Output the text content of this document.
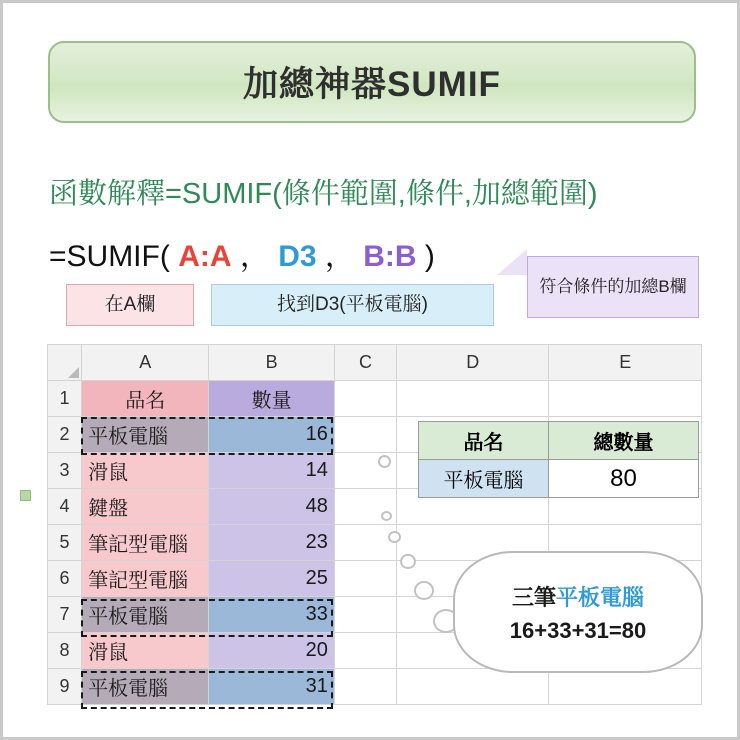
加總神器SUMIF
函數解釋=SUMIF(條件範圍,條件,加總範圍)
=SUMIF( A:A ， D3 ， B:B )
在A欄	找到D3(平板電腦)
符合條件的加總B欄
	A	B	C	D	E
1	品名	數量			
2	平板電腦	16			
3	滑鼠	14			
4	鍵盤	48			
5	筆記型電腦	23			
6	筆記型電腦	25			
7	平板電腦	33			
8	滑鼠	20			
9	平板電腦	31			
品名	總數量
平板電腦	80
三筆平板電腦
16+33+31=80
